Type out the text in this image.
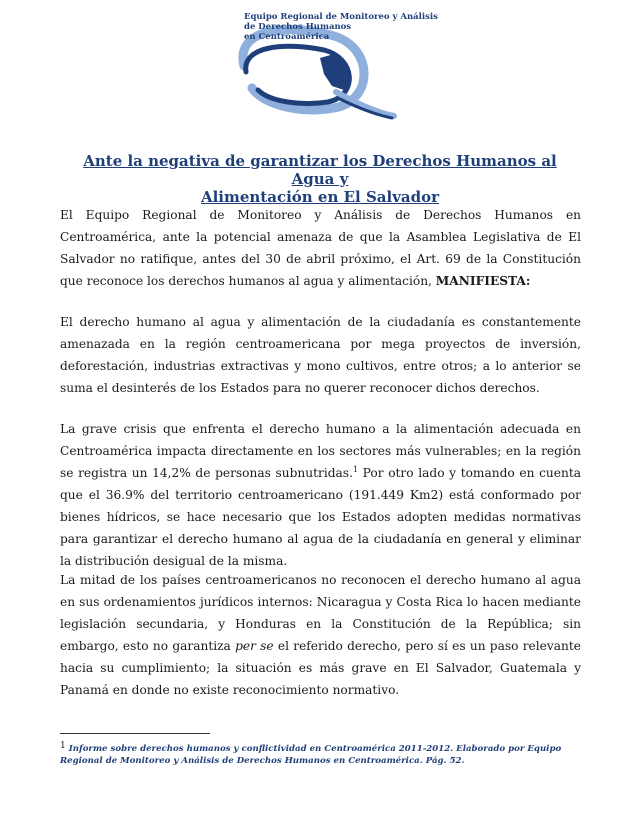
Equipo Regional de Monitoreo y Análisis
de Derechos Humanos
en Centroamérica
Ante la negativa de garantizar los Derechos Humanos al Agua y
Alimentación en El Salvador
El Equipo Regional de Monitoreo y Análisis de Derechos Humanos en Centroamérica, ante la potencial amenaza de que la Asamblea Legislativa de El Salvador no ratifique, antes del 30 de abril próximo, el Art. 69 de la Constitución que reconoce los derechos humanos al agua y alimentación, MANIFIESTA:
El derecho humano al agua y alimentación de la ciudadanía es constantemente amenazada en la región centroamericana por mega proyectos de inversión, deforestación, industrias extractivas y mono cultivos, entre otros; a lo anterior se suma el desinterés de los Estados para no querer reconocer dichos derechos.
La grave crisis que enfrenta el derecho humano a la alimentación adecuada en Centroamérica impacta directamente en los sectores más vulnerables; en la región se registra un 14,2% de personas subnutridas.$^1$ Por otro lado y tomando en cuenta que el 36.9% del territorio centroamericano (191.449 Km2) está conformado por bienes hídricos, se hace necesario que los Estados adopten medidas normativas para garantizar el derecho humano al agua de la ciudadanía en general y eliminar la distribución desigual de la misma.
La mitad de los países centroamericanos no reconocen el derecho humano al agua en sus ordenamientos jurídicos internos: Nicaragua y Costa Rica lo hacen mediante legislación secundaria, y Honduras en la Constitución de la República; sin embargo, esto no garantiza per se el referido derecho, pero sí es un paso relevante hacia su cumplimiento; la situación es más grave en El Salvador, Guatemala y Panamá en donde no existe reconocimiento normativo.
1 Informe sobre derechos humanos y conflictividad en Centroamérica 2011-2012. Elaborado por Equipo Regional de Monitoreo y Análisis de Derechos Humanos en Centroamérica. Pág. 52.
